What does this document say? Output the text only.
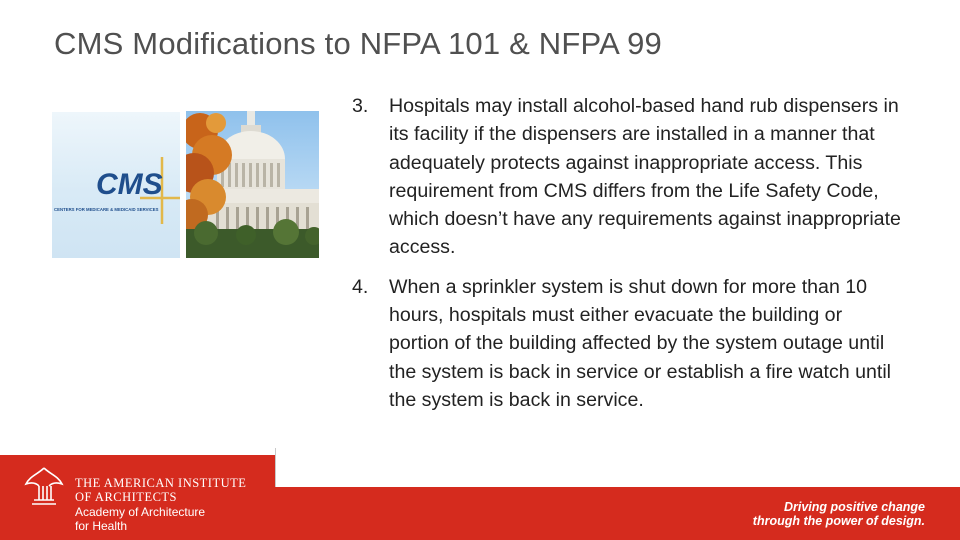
CMS Modifications to NFPA 101 & NFPA 99
CMS
CENTERS FOR MEDICARE & MEDICAID SERVICES
3. Hospitals may install alcohol-based hand rub dispensers in its facility if the dispensers are installed in a manner that adequately protects against inappropriate access. This requirement from CMS differs from the Life Safety Code, which doesn’t have any requirements against inappropriate access.
4. When a sprinkler system is shut down for more than 10 hours, hospitals must either evacuate the building or portion of the building affected by the system outage until the system is back in service or establish a fire watch until the system is back in service.
THE AMERICAN INSTITUTE
OF ARCHITECTS
Academy of Architecture
for Health
Driving positive change
through the power of design.
